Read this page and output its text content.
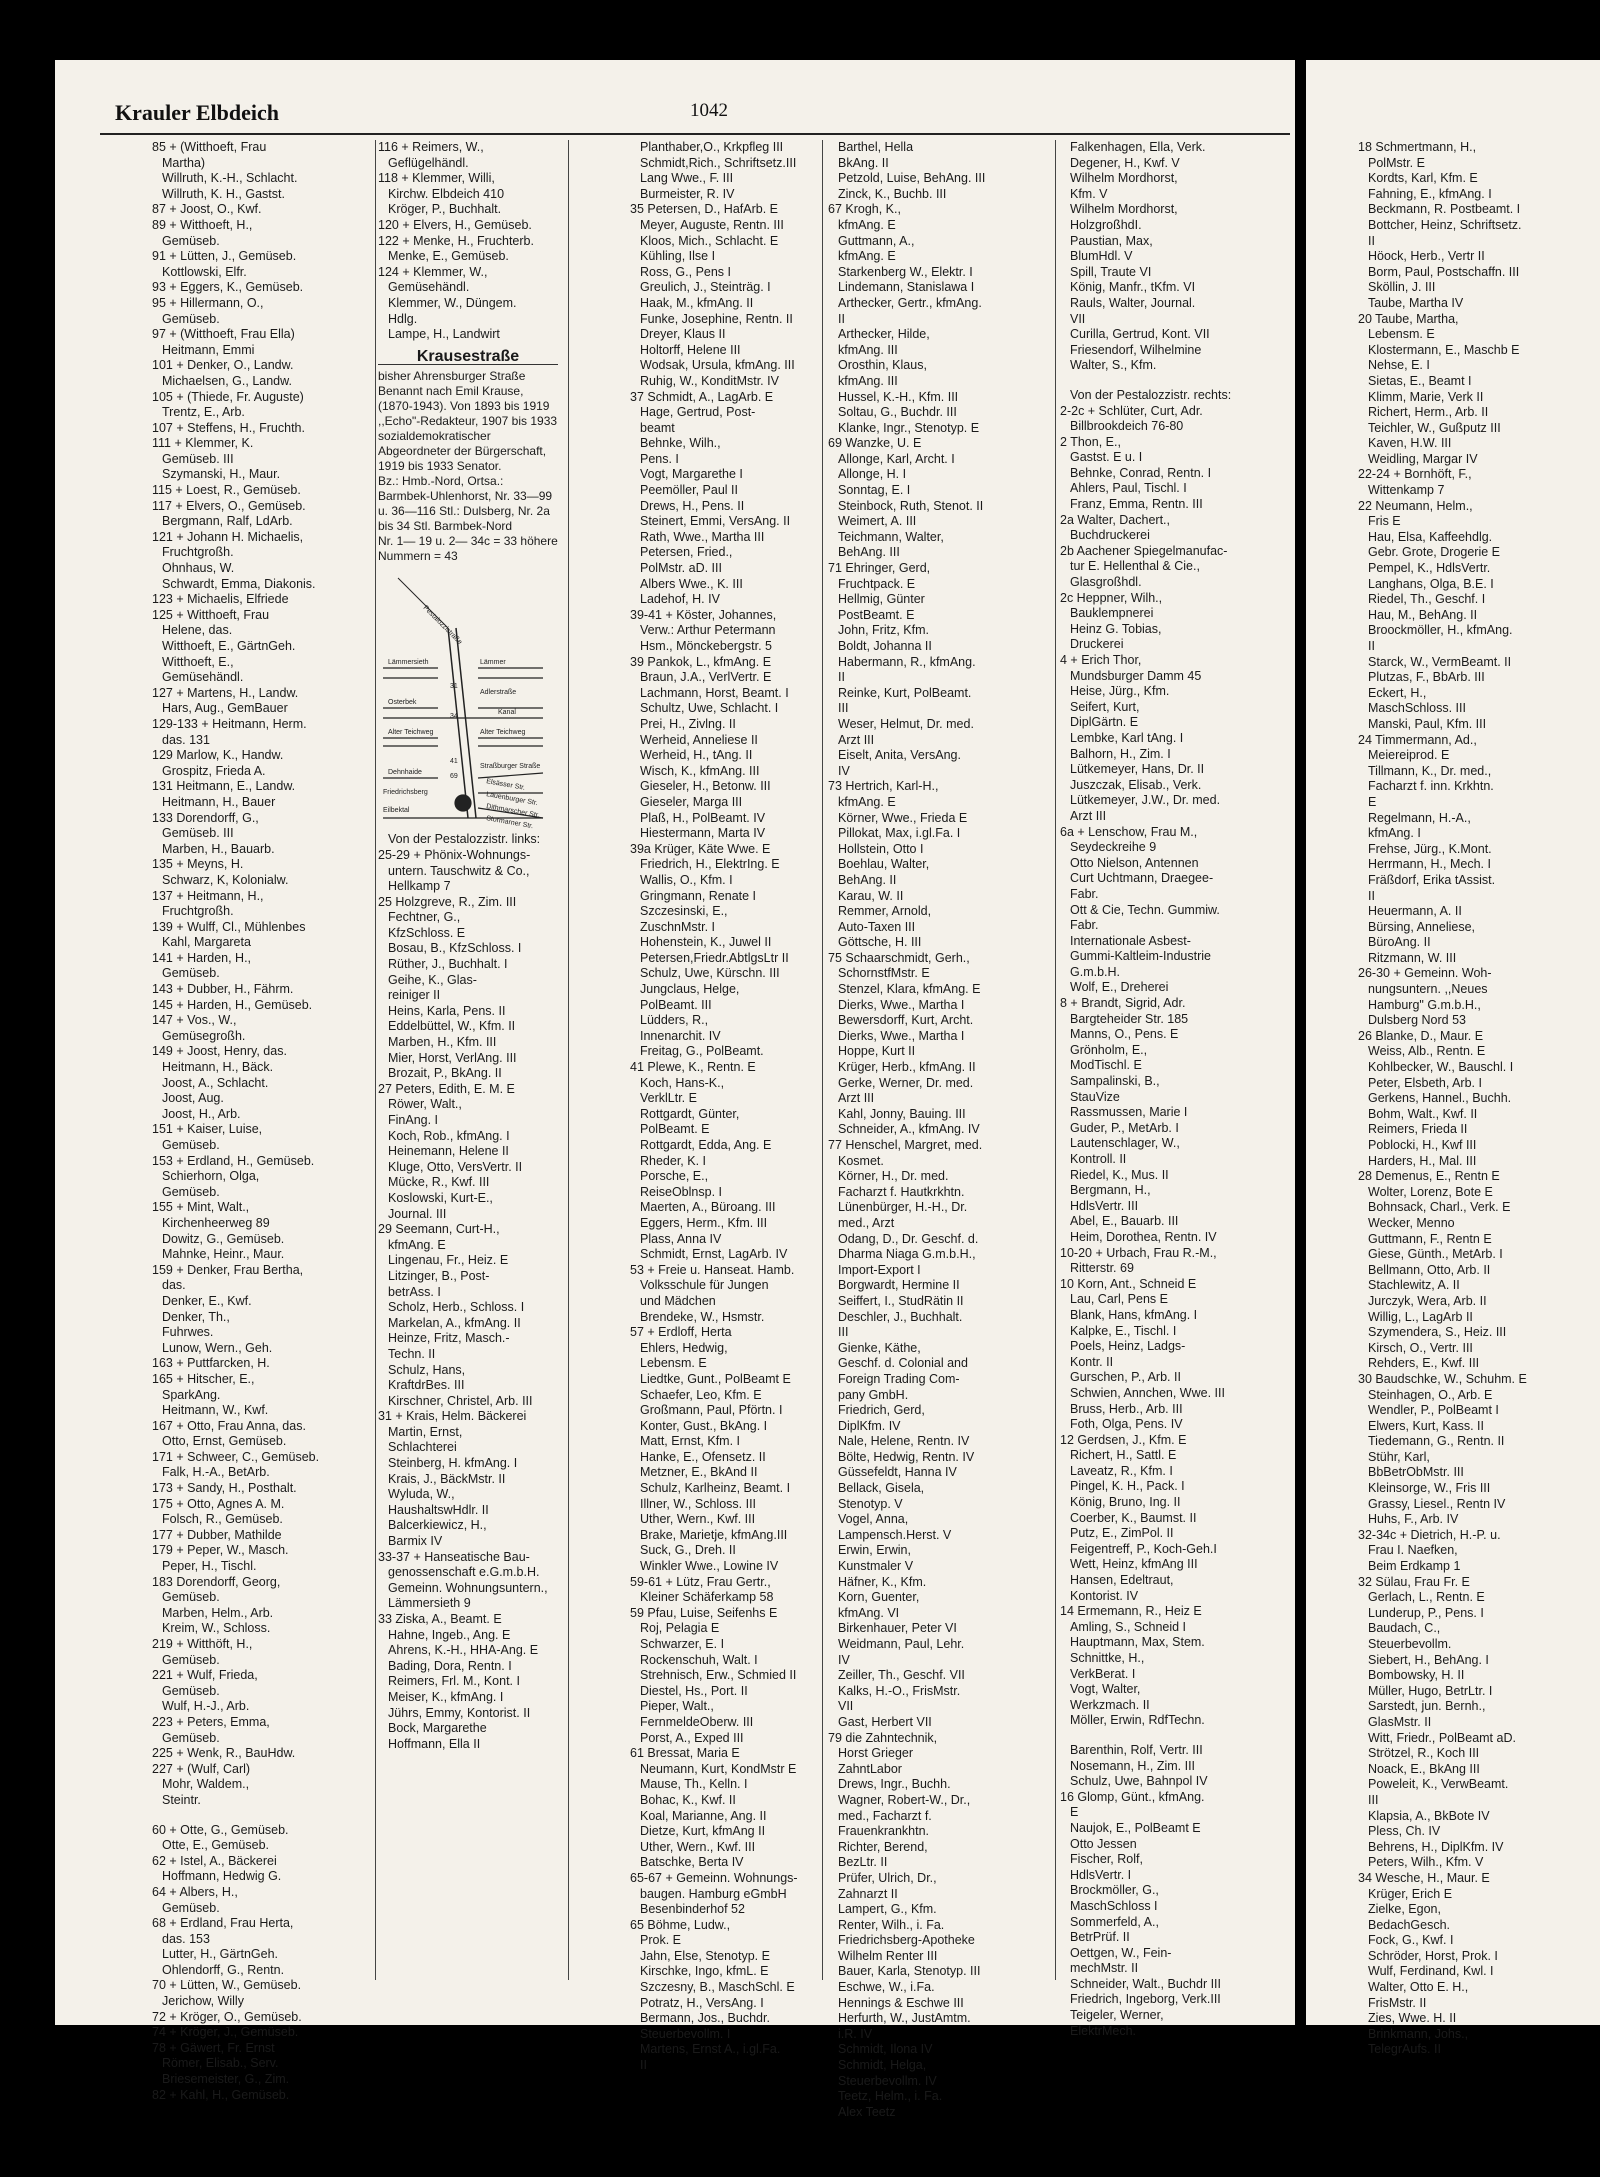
Krauler Elbdeich	1042
85 + (Witthoeft, Frau
Martha)
Willruth, K.-H., Schlacht.
Willruth, K. H., Gastst.
87 + Joost, O., Kwf.
89 + Witthoeft, H.,
Gemüseb.
91 + Lütten, J., Gemüseb.
Kottlowski, Elfr.
93 + Eggers, K., Gemüseb.
95 + Hillermann, O.,
Gemüseb.
97 + (Witthoeft, Frau Ella)
Heitmann, Emmi
101 + Denker, O., Landw.
Michaelsen, G., Landw.
105 + (Thiede, Fr. Auguste)
Trentz, E., Arb.
107 + Steffens, H., Fruchth.
111 + Klemmer, K.
Gemüseb. III
Szymanski, H., Maur.
115 + Loest, R., Gemüseb.
117 + Elvers, O., Gemüseb.
Bergmann, Ralf, LdArb.
121 + Johann H. Michaelis,
Fruchtgroßh.
Ohnhaus, W.
Schwardt, Emma, Diakonis.
123 + Michaelis, Elfriede
125 + Witthoeft, Frau
Helene, das.
Witthoeft, E., GärtnGeh.
Witthoeft, E.,
Gemüsehändl.
127 + Martens, H., Landw.
Hars, Aug., GemBauer
129-133 + Heitmann, Herm.
das. 131
129 Marlow, K., Handw.
Grospitz, Frieda A.
131 Heitmann, E., Landw.
Heitmann, H., Bauer
133 Dorendorff, G.,
Gemüseb. III
Marben, H., Bauarb.
135 + Meyns, H.
Schwarz, K, Kolonialw.
137 + Heitmann, H.,
Fruchtgroßh.
139 + Wulff, Cl., Mühlenbes
Kahl, Margareta
141 + Harden, H.,
Gemüseb.
143 + Dubber, H., Fährm.
145 + Harden, H., Gemüseb.
147 + Vos., W.,
Gemüsegroßh.
149 + Joost, Henry, das.
Heitmann, H., Bäck.
Joost, A., Schlacht.
Joost, Aug.
Joost, H., Arb.
151 + Kaiser, Luise,
Gemüseb.
153 + Erdland, H., Gemüseb.
Schierhorn, Olga,
Gemüseb.
155 + Mint, Walt.,
Kirchenheerweg 89
Dowitz, G., Gemüseb.
Mahnke, Heinr., Maur.
159 + Denker, Frau Bertha,
das.
Denker, E., Kwf.
Denker, Th.,
Fuhrwes.
Lunow, Wern., Geh.
163 + Puttfarcken, H.
165 + Hitscher, E.,
SparkAng.
Heitmann, W., Kwf.
167 + Otto, Frau Anna, das.
Otto, Ernst, Gemüseb.
171 + Schweer, C., Gemüseb.
Falk, H.-A., BetArb.
173 + Sandy, H., Posthalt.
175 + Otto, Agnes A. M.
Folsch, R., Gemüseb.
177 + Dubber, Mathilde
179 + Peper, W., Masch.
Peper, H., Tischl.
183 Dorendorff, Georg,
Gemüseb.
Marben, Helm., Arb.
Kreim, W., Schloss.
219 + Witthöft, H.,
Gemüseb.
221 + Wulf, Frieda,
Gemüseb.
Wulf, H.-J., Arb.
223 + Peters, Emma,
Gemüseb.
225 + Wenk, R., BauHdw.
227 + (Wulf, Carl)
Mohr, Waldem.,
Steintr.
60 + Otte, G., Gemüseb.
Otte, E., Gemüseb.
62 + Istel, A., Bäckerei
Hoffmann, Hedwig G.
64 + Albers, H.,
Gemüseb.
68 + Erdland, Frau Herta,
das. 153
Lutter, H., GärtnGeh.
Ohlendorff, G., Rentn.
70 + Lütten, W., Gemüseb.
Jerichow, Willy
72 + Kröger, O., Gemüseb.
74 + Kröger, J., Gemüseb.
78 + Gäwert, Fr. Ernst
Römer, Elisab., Serv.
Briesemeister, G., Zim.
82 + Kahl, H., Gemüseb.
116 + Reimers, W.,
Geflügelhändl.
118 + Klemmer, Willi,
Kirchw. Elbdeich 410
Kröger, P., Buchhalt.
120 + Elvers, H., Gemüseb.
122 + Menke, H., Fruchterb.
Menke, E., Gemüseb.
124 + Klemmer, W.,
Gemüsehändl.
Klemmer, W., Düngem.
Hdlg.
Lampe, H., Landwirt
Krausestraße
bisher Ahrensburger Straße Benannt nach Emil Krause, (1870-1943). Von 1893 bis 1919 ,,Echo"-Redakteur, 1907 bis 1933 sozialdemokratischer Abgeordneter der Bürgerschaft, 1919 bis 1933 Senator.
Bz.: Hmb.-Nord, Ortsa.: Barmbek-Uhlenhorst, Nr. 33—99 u. 36—116 Stl.: Dulsberg, Nr. 2a bis 34 Stl. Barmbek-Nord
Nr. 1— 19 u. 2— 34c = 33 höhere Nummern = 43
Pestalozzistraße
Lämmersieth	Lämmer
Adlerstraße
Kanal
Osterbek
Alter Teichweg	Alter Teichweg
Dehnhaide
Straßburger Straße
Elsässer Str.
Lauenburger Str.
Friedrichsberg
Eilbektal	Dithmarscher Str.
Stormarner Str.
31
34
41
69
Von der Pestalozzistr. links:
25-29 + Phönix-Wohnungs-
untern. Tauschwitz & Co.,
Hellkamp 7
25 Holzgreve, R., Zim. III
Fechtner, G.,
KfzSchloss. E
Bosau, B., KfzSchloss. I
Rüther, J., Buchhalt. I
Geihe, K., Glas-
reiniger II
Heins, Karla, Pens. II
Eddelbüttel, W., Kfm. II
Marben, H., Kfm. III
Mier, Horst, VerlAng. III
Brozait, P., BkAng. II
27 Peters, Edith, E. M. E
Röwer, Walt.,
FinAng. I
Koch, Rob., kfmAng. I
Heinemann, Helene II
Kluge, Otto, VersVertr. II
Mücke, R., Kwf. III
Koslowski, Kurt-E.,
Journal. III
29 Seemann, Curt-H.,
kfmAng. E
Lingenau, Fr., Heiz. E
Litzinger, B., Post-
betrAss. I
Scholz, Herb., Schloss. I
Markelan, A., kfmAng. II
Heinze, Fritz, Masch.-
Techn. II
Schulz, Hans,
KraftdrBes. III
Kirschner, Christel, Arb. III
31 + Krais, Helm. Bäckerei
Martin, Ernst,
Schlachterei
Steinberg, H. kfmAng. I
Krais, J., BäckMstr. II
Wyluda, W.,
HaushaltswHdlr. II
Balcerkiewicz, H.,
Barmix IV
33-37 + Hanseatische Bau-
genossenschaft e.G.m.b.H.
Gemeinn. Wohnungsuntern.,
Lämmersieth 9
33 Ziska, A., Beamt. E
Hahne, Ingeb., Ang. E
Ahrens, K.-H., HHA-Ang. E
Bading, Dora, Rentn. I
Reimers, Frl. M., Kont. I
Meiser, K., kfmAng. I
Jührs, Emmy, Kontorist. II
Bock, Margarethe
Hoffmann, Ella II
Planthaber,O., Krkpfleg III
Schmidt,Rich., Schriftsetz.III
Lang Wwe., F. III
Burmeister, R. IV
35 Petersen, D., HafArb. E
Meyer, Auguste, Rentn. III
Kloos, Mich., Schlacht. E
Kühling, Ilse I
Ross, G., Pens I
Greulich, J., Steinträg. I
Haak, M., kfmAng. II
Funke, Josephine, Rentn. II
Dreyer, Klaus II
Holtorff, Helene III
Wodsak, Ursula, kfmAng. III
Ruhig, W., KonditMstr. IV
37 Schmidt, A., LagArb. E
Hage, Gertrud, Post-
beamt
Behnke, Wilh.,
Pens. I
Vogt, Margarethe I
Peemöller, Paul II
Drews, H., Pens. II
Steinert, Emmi, VersAng. II
Rath, Wwe., Martha III
Petersen, Fried.,
PolMstr. aD. III
Albers Wwe., K. III
Ladehof, H. IV
39-41 + Köster, Johannes,
Verw.: Arthur Petermann
Hsm., Mönckebergstr. 5
39 Pankok, L., kfmAng. E
Braun, J.A., VerlVertr. E
Lachmann, Horst, Beamt. I
Schultz, Uwe, Schlacht. I
Prei, H., Zivlng. II
Werheid, Anneliese II
Werheid, H., tAng. II
Wisch, K., kfmAng. III
Gieseler, H., Betonw. III
Gieseler, Marga III
Plaß, H., PolBeamt. IV
Hiestermann, Marta IV
39a Krüger, Käte Wwe. E
Friedrich, H., ElektrIng. E
Wallis, O., Kfm. I
Gringmann, Renate I
Szczesinski, E.,
ZuschnMstr. I
Hohenstein, K., Juwel II
Petersen,Friedr.AbtlgsLtr II
Schulz, Uwe, Kürschn. III
Jungclaus, Helge,
PolBeamt. III
Lüdders, R.,
Innenarchit. IV
Freitag, G., PolBeamt.
41 Plewe, K., Rentn. E
Koch, Hans-K.,
VerklLtr. E
Rottgardt, Günter,
PolBeamt. E
Rottgardt, Edda, Ang. E
Rheder, K. I
Porsche, E.,
ReiseOblnsp. I
Maerten, A., Büroang. III
Eggers, Herm., Kfm. III
Plass, Anna IV
Schmidt, Ernst, LagArb. IV
53 + Freie u. Hanseat. Hamb.
Volksschule für Jungen
und Mädchen
Brendeke, W., Hsmstr.
57 + Erdloff, Herta
Ehlers, Hedwig,
Lebensm. E
Liedtke, Gunt., PolBeamt E
Schaefer, Leo, Kfm. E
Großmann, Paul, Pförtn. I
Konter, Gust., BkAng. I
Matt, Ernst, Kfm. I
Hanke, E., Ofensetz. II
Metzner, E., BkAnd II
Schulz, Karlheinz, Beamt. I
Illner, W., Schloss. III
Uther, Wern., Kwf. III
Brake, Marietje, kfmAng.III
Suck, G., Dreh. II
Winkler Wwe., Lowine IV
59-61 + Lütz, Frau Gertr.,
Kleiner Schäferkamp 58
59 Pfau, Luise, Seifenhs E
Roj, Pelagia E
Schwarzer, E. I
Rockenschuh, Walt. I
Strehnisch, Erw., Schmied II
Diestel, Hs., Port. II
Pieper, Walt.,
FernmeldeOberw. III
Porst, A., Exped III
61 Bressat, Maria E
Neumann, Kurt, KondMstr E
Mause, Th., Kelln. I
Bohac, K., Kwf. II
Koal, Marianne, Ang. II
Dietze, Kurt, kfmAng II
Uther, Wern., Kwf. III
Batschke, Berta IV
65-67 + Gemeinn. Wohnungs-
baugen. Hamburg eGmbH
Besenbinderhof 52
65 Böhme, Ludw.,
Prok. E
Jahn, Else, Stenotyp. E
Kirschke, Ingo, kfmL. E
Szczesny, B., MaschSchl. E
Potratz, H., VersAng. I
Bermann, Jos., Buchdr.
Steuerbevollm. I
Martens, Ernst A., i.gl.Fa.
II
Barthel, Hella
BkAng. II
Petzold, Luise, BehAng. III
Zinck, K., Buchb. III
67 Krogh, K.,
kfmAng. E
Guttmann, A.,
kfmAng. E
Starkenberg W., Elektr. I
Lindemann, Stanislawa I
Arthecker, Gertr., kfmAng.
II
Arthecker, Hilde,
kfmAng. III
Orosthin, Klaus,
kfmAng. III
Hussel, K.-H., Kfm. III
Soltau, G., Buchdr. III
Klanke, Ingr., Stenotyp. E
69 Wanzke, U. E
Allonge, Karl, Archt. I
Allonge, H. I
Sonntag, E. I
Steinbock, Ruth, Stenot. II
Weimert, A. III
Teichmann, Walter,
BehAng. III
71 Ehringer, Gerd,
Fruchtpack. E
Hellmig, Günter
PostBeamt. E
John, Fritz, Kfm.
Boldt, Johanna II
Habermann, R., kfmAng.
II
Reinke, Kurt, PolBeamt.
III
Weser, Helmut, Dr. med.
Arzt III
Eiselt, Anita, VersAng.
IV
73 Hertrich, Karl-H.,
kfmAng. E
Körner, Wwe., Frieda E
Pillokat, Max, i.gl.Fa. I
Hollstein, Otto I
Boehlau, Walter,
BehAng. II
Karau, W. II
Remmer, Arnold,
Auto-Taxen III
Göttsche, H. III
75 Schaarschmidt, Gerh.,
SchornstfMstr. E
Stenzel, Klara, kfmAng. E
Dierks, Wwe., Martha I
Bewersdorff, Kurt, Archt.
Dierks, Wwe., Martha I
Hoppe, Kurt II
Krüger, Herb., kfmAng. II
Gerke, Werner, Dr. med.
Arzt III
Kahl, Jonny, Bauing. III
Schneider, A., kfmAng. IV
77 Henschel, Margret, med.
Kosmet.
Körner, H., Dr. med.
Facharzt f. Hautkrkhtn.
Lünenbürger, H.-H., Dr.
med., Arzt
Odang, D., Dr. Geschf. d.
Dharma Niaga G.m.b.H.,
Import-Export I
Borgwardt, Hermine II
Seiffert, I., StudRätin II
Deschler, J., Buchhalt.
III
Gienke, Käthe,
Geschf. d. Colonial and
Foreign Trading Com-
pany GmbH.
Friedrich, Gerd,
DiplKfm. IV
Nale, Helene, Rentn. IV
Bölte, Hedwig, Rentn. IV
Güssefeldt, Hanna IV
Bellack, Gisela,
Stenotyp. V
Vogel, Anna,
Lampensch.Herst. V
Erwin, Erwin,
Kunstmaler V
Häfner, K., Kfm.
Korn, Guenter,
kfmAng. VI
Birkenhauer, Peter VI
Weidmann, Paul, Lehr.
IV
Zeiller, Th., Geschf. VII
Kalks, H.-O., FrisMstr.
VII
Gast, Herbert VII
79 die Zahntechnik,
Horst Grieger
ZahntLabor
Drews, Ingr., Buchh.
Wagner, Robert-W., Dr.,
med., Facharzt f.
Frauenkrankhtn.
Richter, Berend,
BezLtr. II
Prüfer, Ulrich, Dr.,
Zahnarzt II
Lampert, G., Kfm.
Renter, Wilh., i. Fa.
Friedrichsberg-Apotheke
Wilhelm Renter III
Bauer, Karla, Stenotyp. III
Eschwe, W., i.Fa.
Hennings & Eschwe III
Herfurth, W., JustAmtm.
i.R. IV
Schmidt, Ilona IV
Schmidt, Helga,
Steuerbevollm. IV
Teetz, Helm., i. Fa.
Alex Teetz
Falkenhagen, Ella, Verk.
Degener, H., Kwf. V
Wilhelm Mordhorst,
Kfm. V
Wilhelm Mordhorst,
HolzgroßhdI.
Paustian, Max,
BlumHdl. V
Spill, Traute VI
König, Manfr., tKfm. VI
Rauls, Walter, Journal.
VII
Curilla, Gertrud, Kont. VII
Friesendorf, Wilhelmine
Walter, S., Kfm.
Von der Pestalozzistr. rechts:
2-2c + Schlüter, Curt, Adr.
Billbrookdeich 76-80
2 Thon, E.,
Gastst. E u. I
Behnke, Conrad, Rentn. I
Ahlers, Paul, Tischl. I
Franz, Emma, Rentn. III
2a Walter, Dachert.,
Buchdruckerei
2b Aachener Spiegelmanufac-
tur E. Hellenthal & Cie.,
Glasgroßhdl.
2c Heppner, Wilh.,
Bauklempnerei
Heinz G. Tobias,
Druckerei
4 + Erich Thor,
Mundsburger Damm 45
Heise, Jürg., Kfm.
Seifert, Kurt,
DiplGärtn. E
Lembke, Karl tAng. I
Balhorn, H., Zim. I
Lütkemeyer, Hans, Dr. II
Juszczak, Elisab., Verk.
Lütkemeyer, J.W., Dr. med.
Arzt III
6a + Lenschow, Frau M.,
Seydeckreihe 9
Otto Nielson, Antennen
Curt Uchtmann, Draegee-
Fabr.
Ott & Cie, Techn. Gummiw.
Fabr.
Internationale Asbest-
Gummi-Kaltleim-Industrie
G.m.b.H.
Wolf, E., Dreherei
8 + Brandt, Sigrid, Adr.
Bargteheider Str. 185
Manns, O., Pens. E
Grönholm, E.,
ModTischl. E
Sampalinski, B.,
StauVize
Rassmussen, Marie I
Guder, P., MetArb. I
Lautenschlager, W.,
Kontroll. II
Riedel, K., Mus. II
Bergmann, H.,
HdlsVertr. III
Abel, E., Bauarb. III
Heim, Dorothea, Rentn. IV
10-20 + Urbach, Frau R.-M.,
Ritterstr. 69
10 Korn, Ant., Schneid E
Lau, Carl, Pens E
Blank, Hans, kfmAng. I
Kalpke, E., Tischl. I
Poels, Heinz, Ladgs-
Kontr. II
Gurschen, P., Arb. II
Schwien, Annchen, Wwe. III
Bruss, Herb., Arb. III
Foth, Olga, Pens. IV
12 Gerdsen, J., Kfm. E
Richert, H., Sattl. E
Laveatz, R., Kfm. I
Pingel, K. H., Pack. I
König, Bruno, Ing. II
Coerber, K., Baumst. II
Putz, E., ZimPol. II
Feigentreff, P., Koch-Geh.I
Wett, Heinz, kfmAng III
Hansen, Edeltraut,
Kontorist. IV
14 Ermemann, R., Heiz E
Amling, S., Schneid I
Hauptmann, Max, Stem.
Schnittke, H.,
VerkBerat. I
Vogt, Walter,
Werkzmach. II
Möller, Erwin, RdfTechn.
Barenthin, Rolf, Vertr. III
Nosemann, H., Zim. III
Schulz, Uwe, Bahnpol IV
16 Glomp, Günt., kfmAng.
E
Naujok, E., PolBeamt E
Otto Jessen
Fischer, Rolf,
HdlsVertr. I
Brockmöller, G.,
MaschSchloss I
Sommerfeld, A.,
BetrPrüf. II
Oettgen, W., Fein-
mechMstr. II
Schneider, Walt., Buchdr III
Friedrich, Ingeborg, Verk.III
Teigeler, Werner,
ElektrMech.
18 Schmertmann, H.,
PolMstr. E
Kordts, Karl, Kfm. E
Fahning, E., kfmAng. I
Beckmann, R. Postbeamt. I
Bottcher, Heinz, Schriftsetz.
II
Höock, Herb., Vertr II
Borm, Paul, Postschaffn. III
Sköllin, J. III
Taube, Martha IV
20 Taube, Martha,
Lebensm. E
Klostermann, E., Maschb E
Nehse, E. I
Sietas, E., Beamt I
Klimm, Marie, Verk II
Richert, Herm., Arb. II
Teichler, W., Gußputz III
Kaven, H.W. III
Weidling, Margar IV
22-24 + Bornhöft, F.,
Wittenkamp 7
22 Neumann, Helm.,
Fris E
Hau, Elsa, Kaffeehdlg.
Gebr. Grote, Drogerie E
Pempel, K., HdlsVertr.
Langhans, Olga, B.E. I
Riedel, Th., Geschf. I
Hau, M., BehAng. II
Broockmöller, H., kfmAng.
II
Starck, W., VermBeamt. II
Plutzas, F., BbArb. III
Eckert, H.,
MaschSchloss. III
Manski, Paul, Kfm. III
24 Timmermann, Ad.,
Meiereiprod. E
Tillmann, K., Dr. med.,
Facharzt f. inn. Krkhtn.
E
Regelmann, H.-A.,
kfmAng. I
Frehse, Jürg., K.Mont.
Herrmann, H., Mech. I
Fräßdorf, Erika tAssist.
II
Heuermann, A. II
Bürsing, Anneliese,
BüroAng. II
Ritzmann, W. III
26-30 + Gemeinn. Woh-
nungsuntern. ,,Neues
Hamburg" G.m.b.H.,
Dulsberg Nord 53
26 Blanke, D., Maur. E
Weiss, Alb., Rentn. E
Kohlbecker, W., Bauschl. I
Peter, Elsbeth, Arb. I
Gerkens, Hannel., Buchh.
Bohm, Walt., Kwf. II
Reimers, Frieda II
Poblocki, H., Kwf III
Harders, H., Mal. III
28 Demenus, E., Rentn E
Wolter, Lorenz, Bote E
Bohnsack, Charl., Verk. E
Wecker, Menno
Guttmann, F., Rentn E
Giese, Günth., MetArb. I
Bellmann, Otto, Arb. II
Stachlewitz, A. II
Jurczyk, Wera, Arb. II
Willig, L., LagArb II
Szymendera, S., Heiz. III
Kirsch, O., Vertr. III
Rehders, E., Kwf. III
30 Baudschke, W., Schuhm. E
Steinhagen, O., Arb. E
Wendler, P., PolBeamt I
Elwers, Kurt, Kass. II
Tiedemann, G., Rentn. II
Stühr, Karl,
BbBetrObMstr. III
Kleinsorge, W., Fris III
Grassy, Liesel., Rentn IV
Huhs, F., Arb. IV
32-34c + Dietrich, H.-P. u.
Frau I. Naefken,
Beim Erdkamp 1
32 Sülau, Frau Fr. E
Gerlach, L., Rentn. E
Lunderup, P., Pens. I
Baudach, C.,
Steuerbevollm.
Siebert, H., BehAng. I
Bombowsky, H. II
Müller, Hugo, BetrLtr. I
Sarstedt, jun. Bernh.,
GlasMstr. II
Witt, Friedr., PolBeamt aD.
Strötzel, R., Koch III
Noack, E., BkAng III
Poweleit, K., VerwBeamt.
III
Klapsia, A., BkBote IV
Pless, Ch. IV
Behrens, H., DiplKfm. IV
Peters, Wilh., Kfm. V
34 Wesche, H., Maur. E
Krüger, Erich E
Zielke, Egon,
BedachGesch.
Fock, G., Kwf. I
Schröder, Horst, Prok. I
Wulf, Ferdinand, Kwl. I
Walter, Otto E. H.,
FrisMstr. II
Zies, Wwe. H. II
Brinkmann, Johs.,
TelegrAufs. II
